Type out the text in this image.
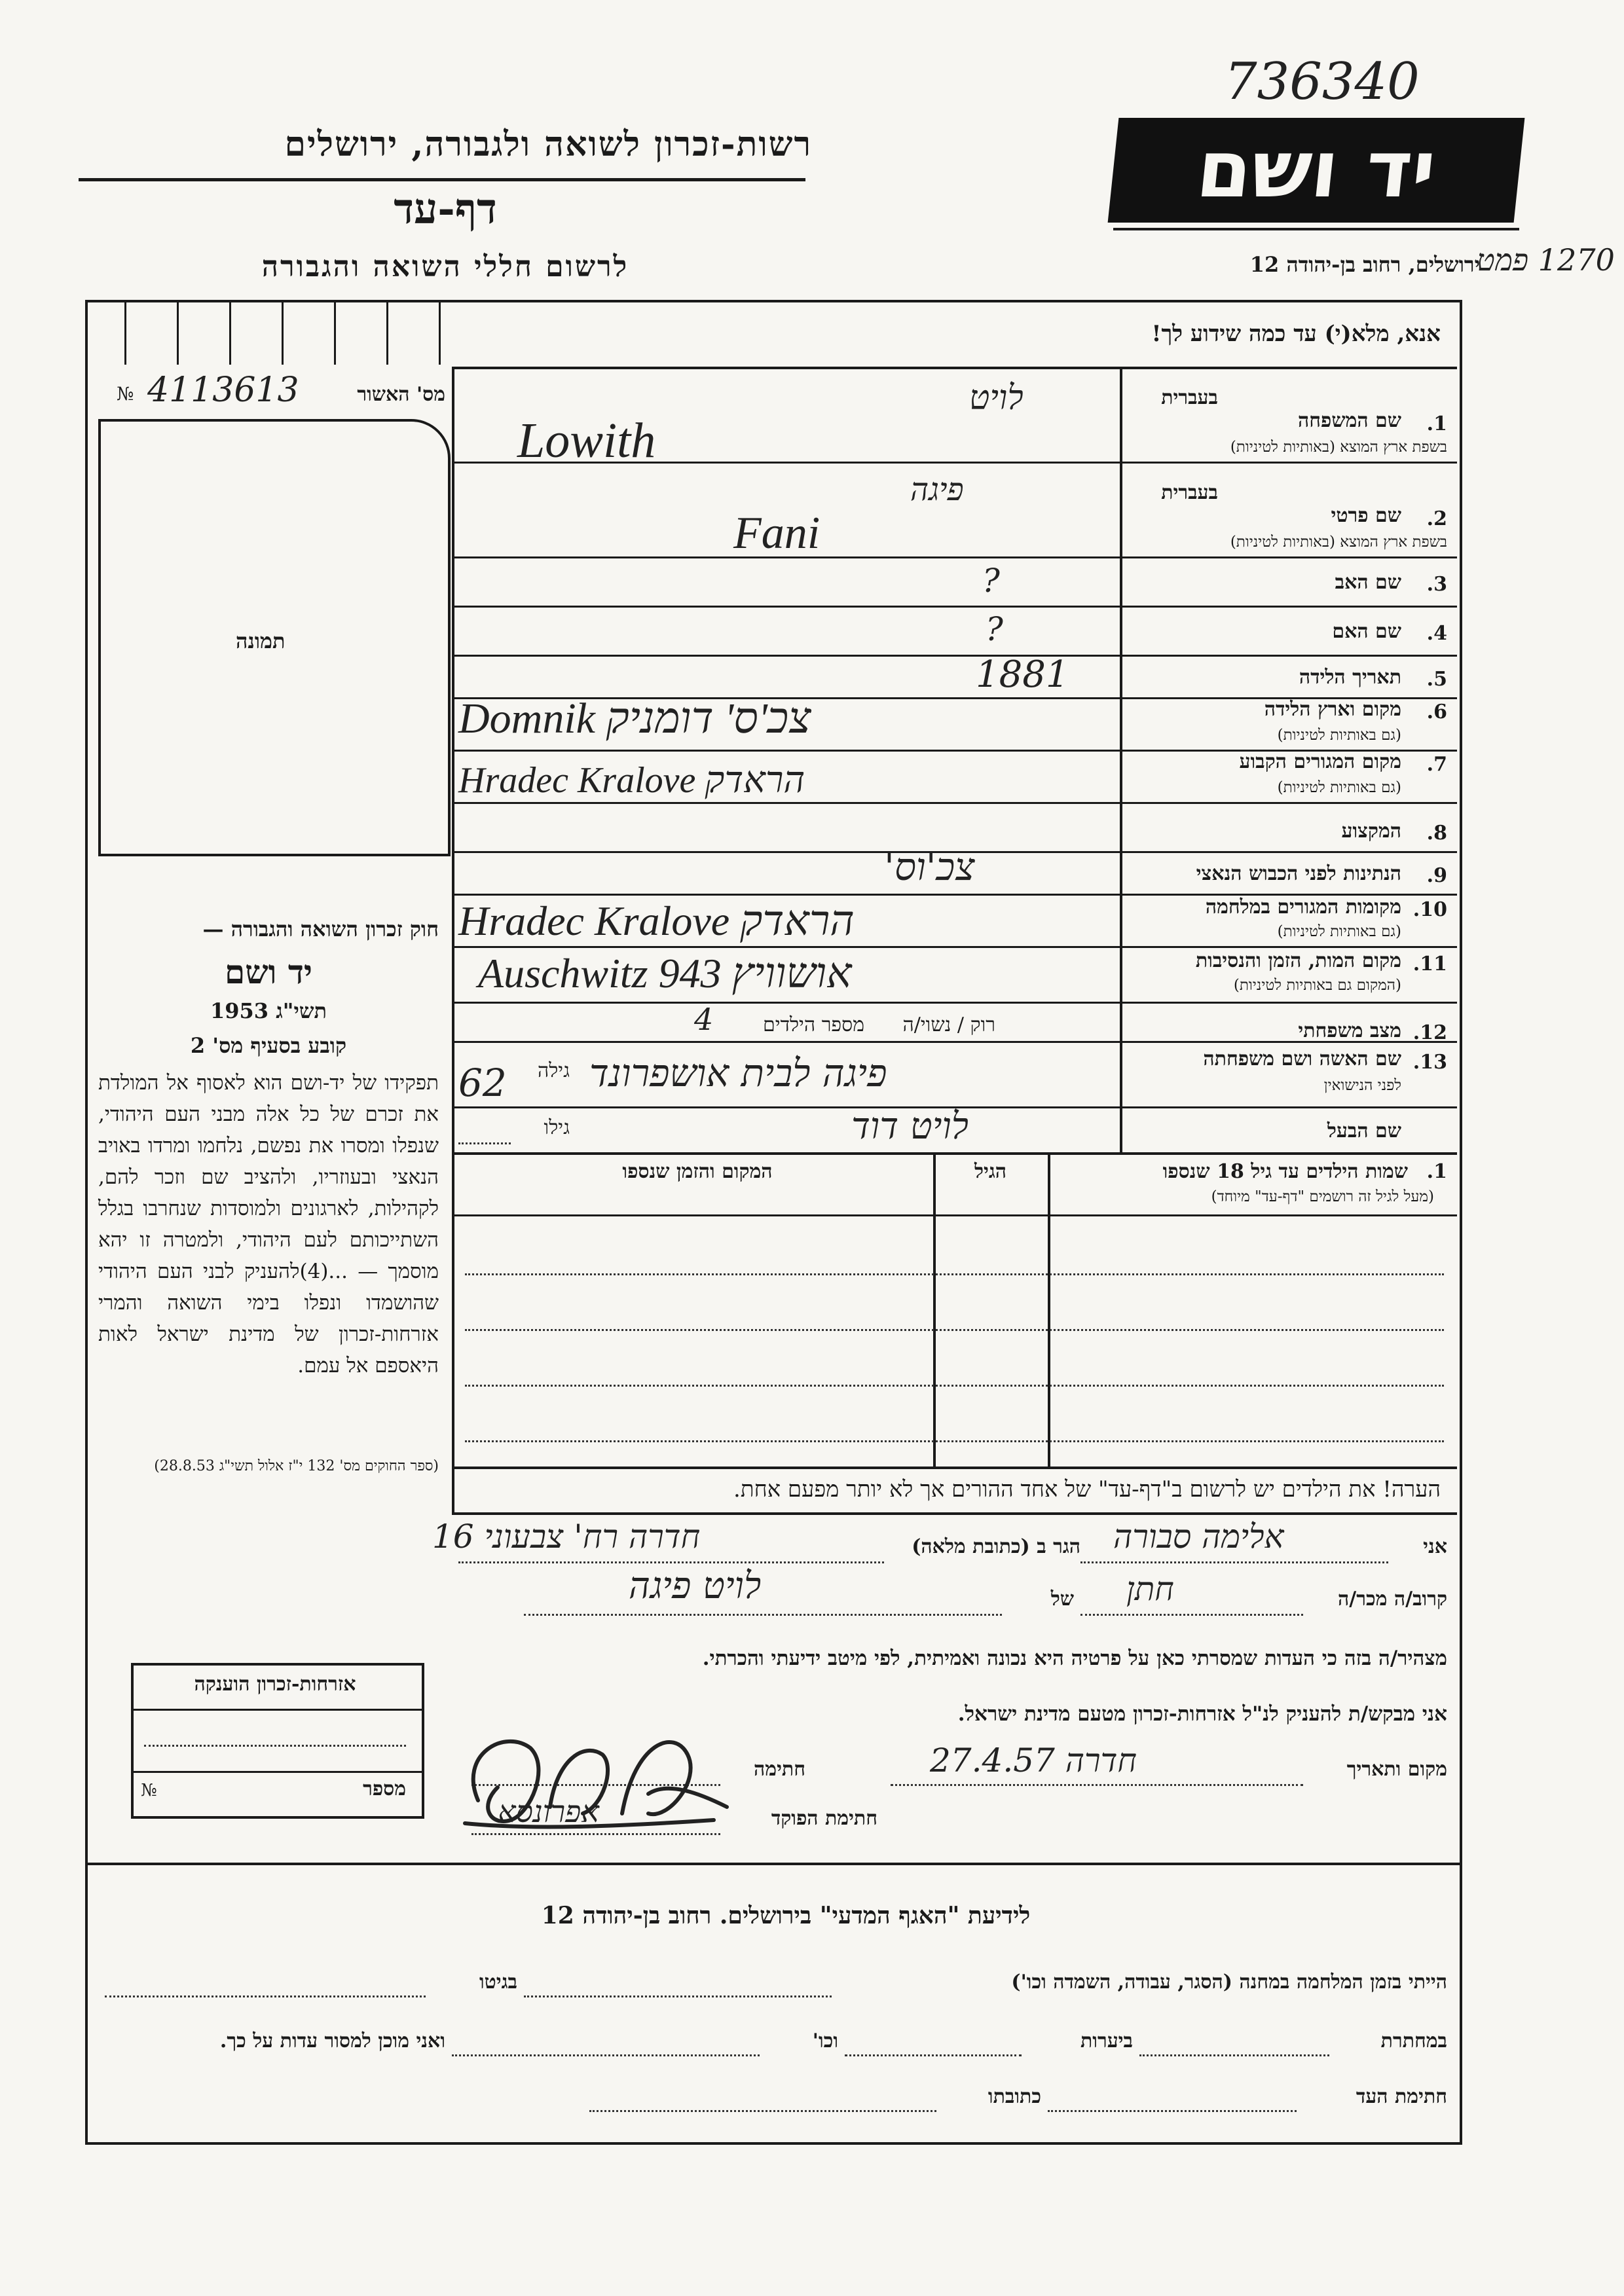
736340
רשות-זכרון לשואה ולגבורה, ירושלים
דף-עד
לרשום חללי השואה והגבורה
יד ושם
ירושלים, רחוב בן-יהודה 12
1270 פמט
אנא, מלא(י) עד כמה שידוע לך!
№ 4113613	מס' האשור
תמונה
בעברית
1.
שם המשפחה
בשפת ארץ המוצא (באותיות לטיניות)
לויט
Lowith
בעברית
2.
שם פרטי
בשפת ארץ המוצא (באותיות לטיניות)
פיגה
Fani
3.
שם האב
?
4.
שם האם
?
5.
תאריך הלידה
1881
6.
מקום וארץ הלידה
(גם באותיות לטיניות)
Domnik צכ'ס' דומניק
7.
מקום המגורים הקבוע
(גם באותיות לטיניות)
Hradec Kralove הראדק
8.
המקצוע
9.
הנתינות לפני הכבוש הנאצי
צכ'וס'
10.
מקומות המגורים במלחמה
(גם באותיות לטיניות)
Hradec Kralove הראדק
11.
מקום המות, הזמן והנסיבות
(המקום גם באותיות לטיניות)
Auschwitz 943 אושוויץ
12.
מצב משפחתי
רוק / נשוי/ה
מספר הילדים
4
13.
שם האשה ושם משפחתה
לפני הנישואין
גילה
62 פיגה לבית אושפרונד
שם הבעל
גילו	לויט דוד
1.
שמות הילדים עד גיל 18 שנספו
(מעל לגיל זה רושמים "דף-עד" מיוחד)
הגיל
המקום והזמן שנספו
חוק זכרון השואה והגבורה —
יד ושם
תשי"ג 1953
קובע בסעיף מס' 2
תפקידו של יד-ושם הוא לאסוף אל המולדת את זכרם של כל אלה מבני העם היהודי, שנפלו ומסרו את נפשם, נלחמו ומרדו באויב הנאצי ובעוזריו, ולהציב שם וזכר להם, לקהילות, לארגונים ולמוסדות שנחרבו בגלל השתייכותם לעם היהודי, ולמטרה זו יהא מוסמך — ...(4)להעניק לבני העם היהודי שהושמדו ונפלו בימי השואה והמרי אזרחות-זכרון של מדינת ישראל לאות היאספם אל עמם.
(ספר החוקים מס' 132 י"ז אלול תשי"ג 28.8.53)
הערה! את הילדים יש לרשום ב"דף-עד" של אחד ההורים אך לא יותר מפעם אחת.
אני
אלימה סבורה
הגר ב (כתובת מלאה)
חדרה רח' צבעוני 16
קרוב/ה מכר/ה
חתן
של
לויט פיגה
מצהיר/ה בזה כי העדות שמסרתי כאן על פרטיה היא נכונה ואמיתית, לפי מיטב ידיעתי והכרתי.
אני מבקש/ת להעניק לנ"ל אזרחות-זכרון מטעם מדינת ישראל.
מקום ותאריך
חדרה 27.4.57
חתימה
חתימת הפוקד
אפרונסא
אזרחות-זכרון הוענקה
№	מספר
לידיעת "האגף המדעי" בירושלים. רחוב בן-יהודה 12
הייתי בזמן המלחמה במחנה (הסגר, עבודה, השמדה וכו')
בגיטו
במחתרת
ביערות
וכו'
ואני מוכן למסור עדות על כך.
חתימת העד
כתובתו
